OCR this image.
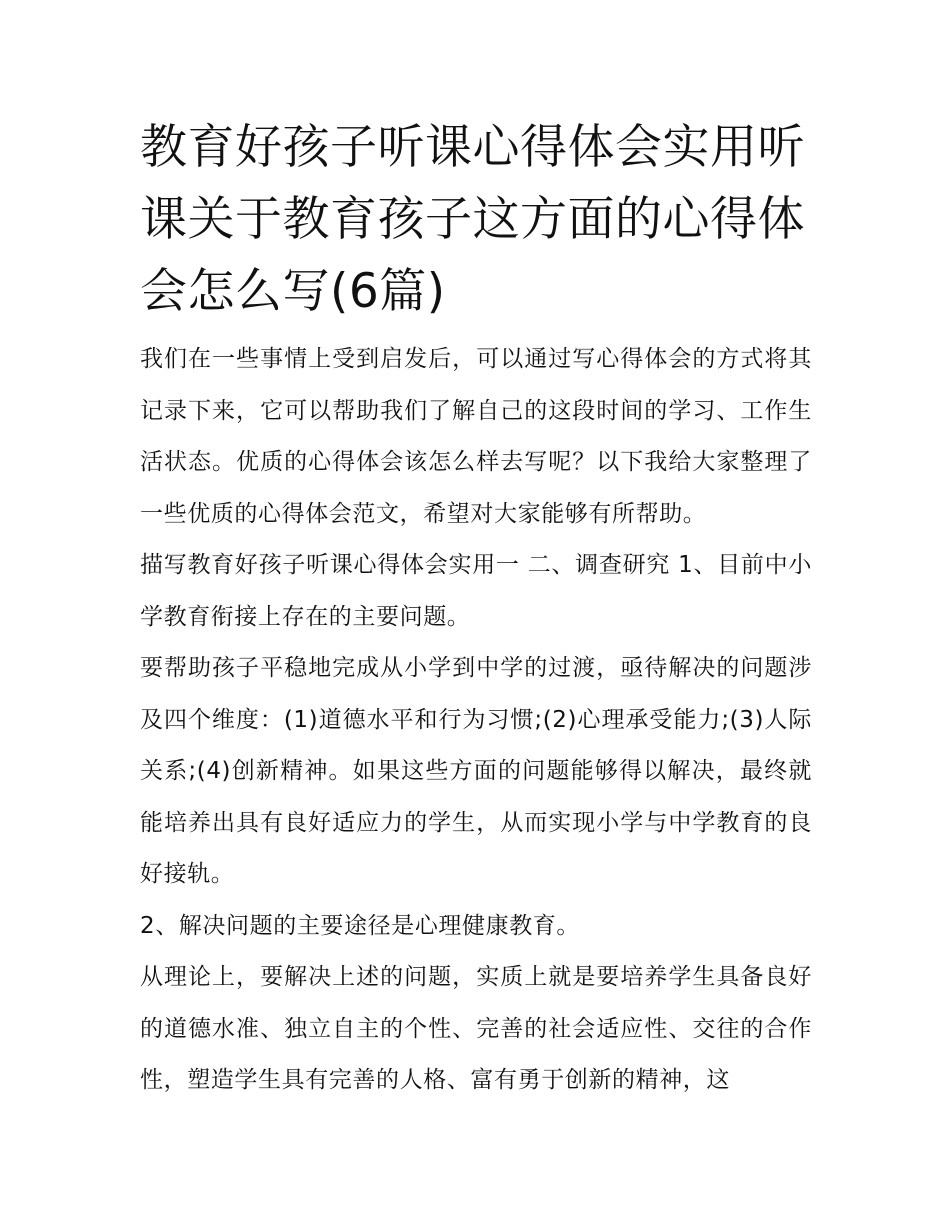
教育好孩子听课心得体会实用听课关于教育孩子这方面的心得体会怎么写(6篇)

我们在一些事情上受到启发后，可以通过写心得体会的方式将其记录下来，它可以帮助我们了解自己的这段时间的学习、工作生活状态。优质的心得体会该怎么样去写呢？以下我给大家整理了一些优质的心得体会范文，希望对大家能够有所帮助。

描写教育好孩子听课心得体会实用一 二、调查研究 1、目前中小学教育衔接上存在的主要问题。

要帮助孩子平稳地完成从小学到中学的过渡，亟待解决的问题涉及四个维度：(1)道德水平和行为习惯;(2)心理承受能力;(3)人际关系;(4)创新精神。如果这些方面的问题能够得以解决，最终就能培养出具有良好适应力的学生，从而实现小学与中学教育的良好接轨。

2、解决问题的主要途径是心理健康教育。

从理论上，要解决上述的问题，实质上就是要培养学生具备良好的道德水准、独立自主的个性、完善的社会适应性、交往的合作性，塑造学生具有完善的人格、富有勇于创新的精神，这
